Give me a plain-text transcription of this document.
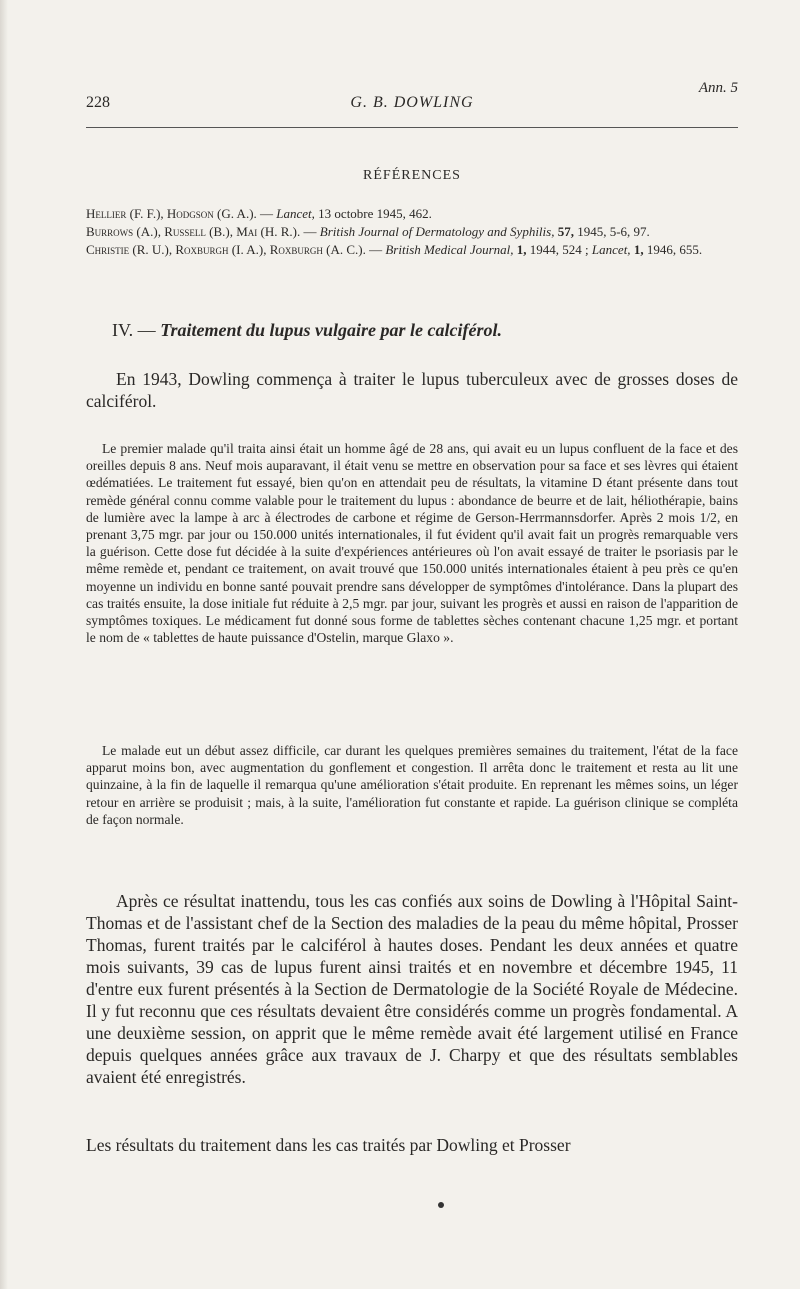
Ann. 5
228	G. B. DOWLING
RÉFÉRENCES

Hellier (F. F.), Hodgson (G. A.). — Lancet, 13 octobre 1945, 462.

Burrows (A.), Russell (B.), Mai (H. R.). — British Journal of Dermatology and Syphilis, 57, 1945, 5-6, 97.

Christie (R. U.), Roxburgh (I. A.), Roxburgh (A. C.). — British Medical Journal, 1, 1944, 524 ; Lancet, 1, 1946, 655.

IV. — Traitement du lupus vulgaire par le calciférol.

En 1943, Dowling commença à traiter le lupus tuberculeux avec de grosses doses de calciférol.

Le premier malade qu'il traita ainsi était un homme âgé de 28 ans, qui avait eu un lupus confluent de la face et des oreilles depuis 8 ans. Neuf mois auparavant, il était venu se mettre en observation pour sa face et ses lèvres qui étaient œdématiées. Le traitement fut essayé, bien qu'on en attendait peu de résultats, la vitamine D étant présente dans tout remède général connu comme valable pour le traitement du lupus : abondance de beurre et de lait, héliothérapie, bains de lumière avec la lampe à arc à électrodes de carbone et régime de Gerson-Herrmannsdorfer. Après 2 mois 1/2, en prenant 3,75 mgr. par jour ou 150.000 unités internationales, il fut évident qu'il avait fait un progrès remarquable vers la guérison. Cette dose fut décidée à la suite d'expériences antérieures où l'on avait essayé de traiter le psoriasis par le même remède et, pendant ce traitement, on avait trouvé que 150.000 unités internationales étaient à peu près ce qu'en moyenne un individu en bonne santé pouvait prendre sans développer de symptômes d'intolérance. Dans la plupart des cas traités ensuite, la dose initiale fut réduite à 2,5 mgr. par jour, suivant les progrès et aussi en raison de l'apparition de symptômes toxiques. Le médicament fut donné sous forme de tablettes sèches contenant chacune 1,25 mgr. et portant le nom de « tablettes de haute puissance d'Ostelin, marque Glaxo ».

Le malade eut un début assez difficile, car durant les quelques premières semaines du traitement, l'état de la face apparut moins bon, avec augmentation du gonflement et congestion. Il arrêta donc le traitement et resta au lit une quinzaine, à la fin de laquelle il remarqua qu'une amélioration s'était produite. En reprenant les mêmes soins, un léger retour en arrière se produisit ; mais, à la suite, l'amélioration fut constante et rapide. La guérison clinique se compléta de façon normale.

Après ce résultat inattendu, tous les cas confiés aux soins de Dowling à l'Hôpital Saint-Thomas et de l'assistant chef de la Section des maladies de la peau du même hôpital, Prosser Thomas, furent traités par le calciférol à hautes doses. Pendant les deux années et quatre mois suivants, 39 cas de lupus furent ainsi traités et en novembre et décembre 1945, 11 d'entre eux furent présentés à la Section de Dermatologie de la Société Royale de Médecine. Il y fut reconnu que ces résultats devaient être considérés comme un progrès fondamental. A une deuxième session, on apprit que le même remède avait été largement utilisé en France depuis quelques années grâce aux travaux de J. Charpy et que des résultats semblables avaient été enregistrés.

Les résultats du traitement dans les cas traités par Dowling et Prosser
